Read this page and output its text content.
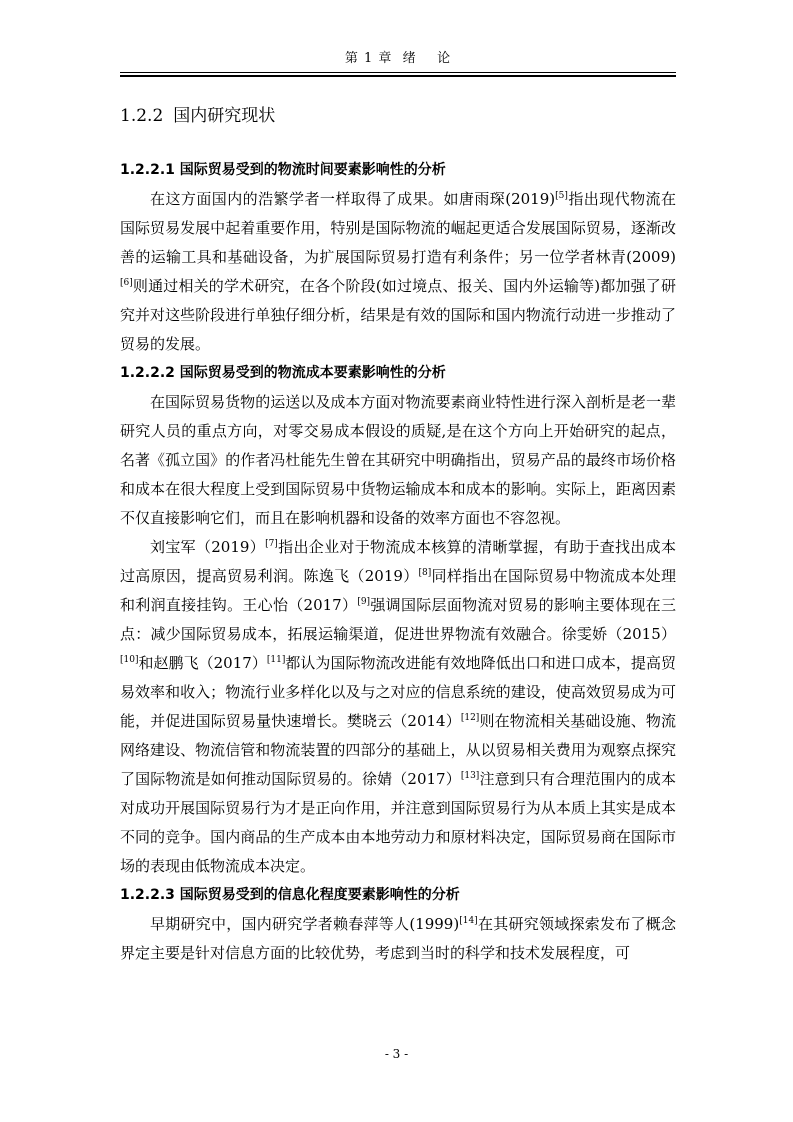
第 1 章  绪    论
1.2.2 国内研究现状
1.2.2.1 国际贸易受到的物流时间要素影响性的分析

在这方面国内的浩繁学者一样取得了成果。如唐雨琛(2019)[5]指出现代物流在国际贸易发展中起着重要作用，特别是国际物流的崛起更适合发展国际贸易，逐渐改善的运输工具和基础设备，为扩展国际贸易打造有利条件；另一位学者林青(2009)[6]则通过相关的学术研究，在各个阶段(如过境点、报关、国内外运输等)都加强了研究并对这些阶段进行单独仔细分析，结果是有效的国际和国内物流行动进一步推动了贸易的发展。

1.2.2.2 国际贸易受到的物流成本要素影响性的分析

在国际贸易货物的运送以及成本方面对物流要素商业特性进行深入剖析是老一辈研究人员的重点方向，对零交易成本假设的质疑,是在这个方向上开始研究的起点，名著《孤立国》的作者冯杜能先生曾在其研究中明确指出，贸易产品的最终市场价格和成本在很大程度上受到国际贸易中货物运输成本和成本的影响。实际上，距离因素不仅直接影响它们，而且在影响机器和设备的效率方面也不容忽视。

刘宝军（2019）[7]指出企业对于物流成本核算的清晰掌握，有助于查找出成本过高原因，提高贸易利润。陈逸飞（2019）[8]同样指出在国际贸易中物流成本处理和利润直接挂钩。王心怡（2017）[9]强调国际层面物流对贸易的影响主要体现在三点：减少国际贸易成本，拓展运输渠道，促进世界物流有效融合。徐雯娇（2015）[10]和赵鹏飞（2017）[11]都认为国际物流改进能有效地降低出口和进口成本，提高贸易效率和收入；物流行业多样化以及与之对应的信息系统的建设，使高效贸易成为可能，并促进国际贸易量快速增长。樊晓云（2014）[12]则在物流相关基础设施、物流网络建设、物流信管和物流装置的四部分的基础上，从以贸易相关费用为观察点探究了国际物流是如何推动国际贸易的。徐婧（2017）[13]注意到只有合理范围内的成本对成功开展国际贸易行为才是正向作用，并注意到国际贸易行为从本质上其实是成本不同的竞争。国内商品的生产成本由本地劳动力和原材料决定，国际贸易商在国际市场的表现由低物流成本决定。

1.2.2.3 国际贸易受到的信息化程度要素影响性的分析

早期研究中，国内研究学者赖春萍等人(1999)[14]在其研究领域探索发布了概念界定主要是针对信息方面的比较优势，考虑到当时的科学和技术发展程度，可

- 3 -
